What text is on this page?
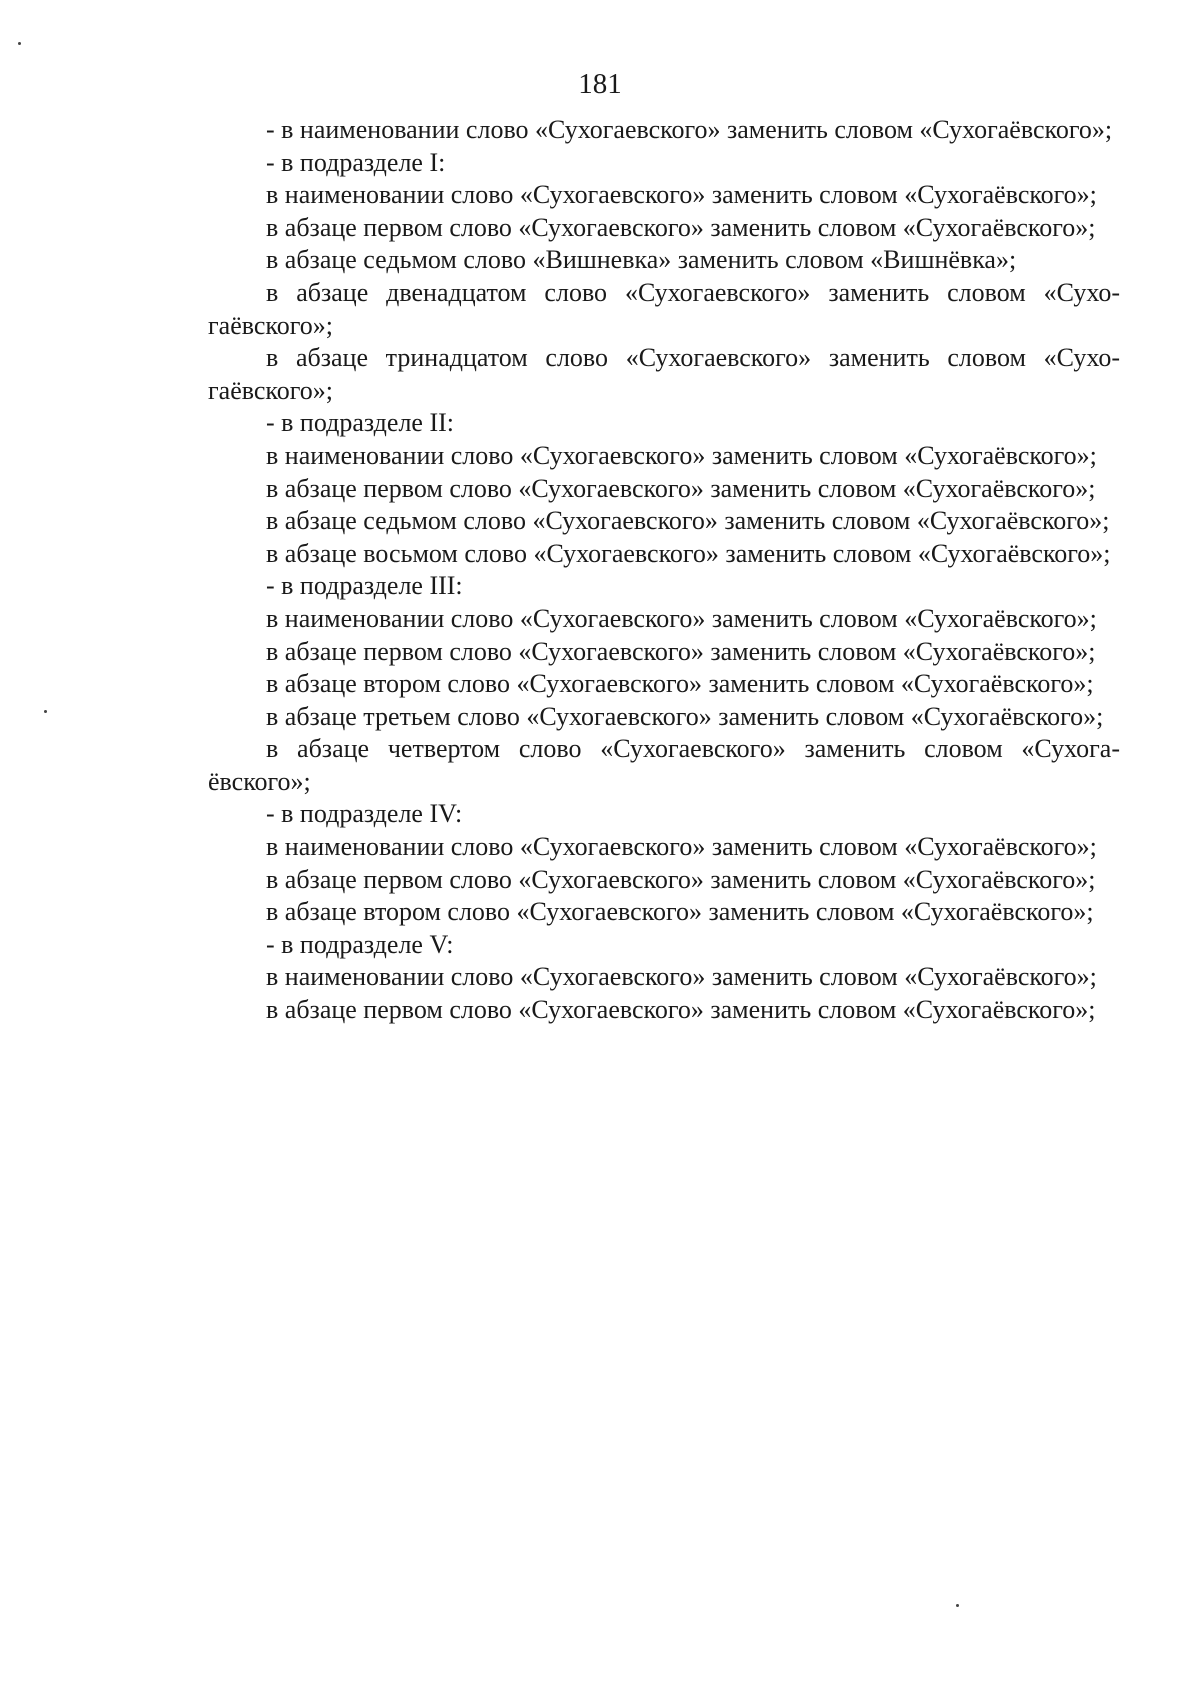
181

- в наименовании слово «Сухогаевского» заменить словом «Сухогаёвского»;

- в подразделе I:

в наименовании слово «Сухогаевского» заменить словом «Сухогаёвского»;

в абзаце первом слово «Сухогаевского» заменить словом «Сухогаёвского»;

в абзаце седьмом слово «Вишневка» заменить словом «Вишнёвка»;

в абзаце двенадцатом слово «Сухогаевского» заменить словом «Сухогаёвского»;

в абзаце тринадцатом слово «Сухогаевского» заменить словом «Сухогаёвского»;

- в подразделе II:

в наименовании слово «Сухогаевского» заменить словом «Сухогаёвского»;

в абзаце первом слово «Сухогаевского» заменить словом «Сухогаёвского»;

в абзаце седьмом слово «Сухогаевского» заменить словом «Сухогаёвского»;

в абзаце восьмом слово «Сухогаевского» заменить словом «Сухогаёвского»;

- в подразделе III:

в наименовании слово «Сухогаевского» заменить словом «Сухогаёвского»;

в абзаце первом слово «Сухогаевского» заменить словом «Сухогаёвского»;

в абзаце втором слово «Сухогаевского» заменить словом «Сухогаёвского»;

в абзаце третьем слово «Сухогаевского» заменить словом «Сухогаёвского»;

в абзаце четвертом слово «Сухогаевского» заменить словом «Сухогаёвского»;

- в подразделе IV:

в наименовании слово «Сухогаевского» заменить словом «Сухогаёвского»;

в абзаце первом слово «Сухогаевского» заменить словом «Сухогаёвского»;

в абзаце втором слово «Сухогаевского» заменить словом «Сухогаёвского»;

- в подразделе V:

в наименовании слово «Сухогаевского» заменить словом «Сухогаёвского»;

в абзаце первом слово «Сухогаевского» заменить словом «Сухогаёвского»;
